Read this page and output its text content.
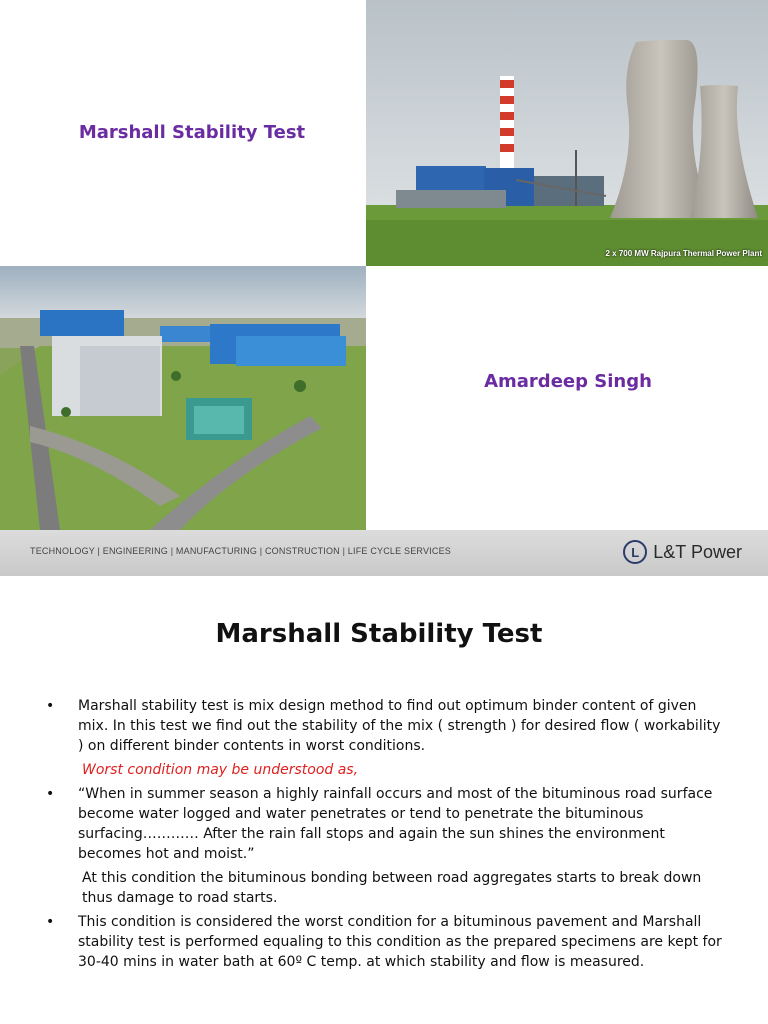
Marshall Stability Test
2 x 700 MW Rajpura Thermal Power Plant
Amardeep Singh
TECHNOLOGY | ENGINEERING | MANUFACTURING | CONSTRUCTION | LIFE CYCLE SERVICES	L L&T Power
Marshall Stability Test
• Marshall stability test is mix design method to find out optimum binder content of given mix. In this test we find out the stability of the mix ( strength ) for desired flow ( workability ) on different binder contents in worst conditions.
Worst condition may be understood as,
• “When in summer season a highly rainfall occurs and most of the bituminous road surface become water logged and water penetrates or tend to penetrate the bituminous surfacing………… After the rain fall stops and again the sun shines the environment becomes hot and moist.”
At this condition the bituminous bonding between road aggregates starts to break down thus damage to road starts.
• This condition is considered the worst condition for a bituminous pavement and Marshall stability test is performed equaling to this condition as the prepared specimens are kept for 30-40 mins in water bath at 60º C temp. at which stability and flow is measured.
